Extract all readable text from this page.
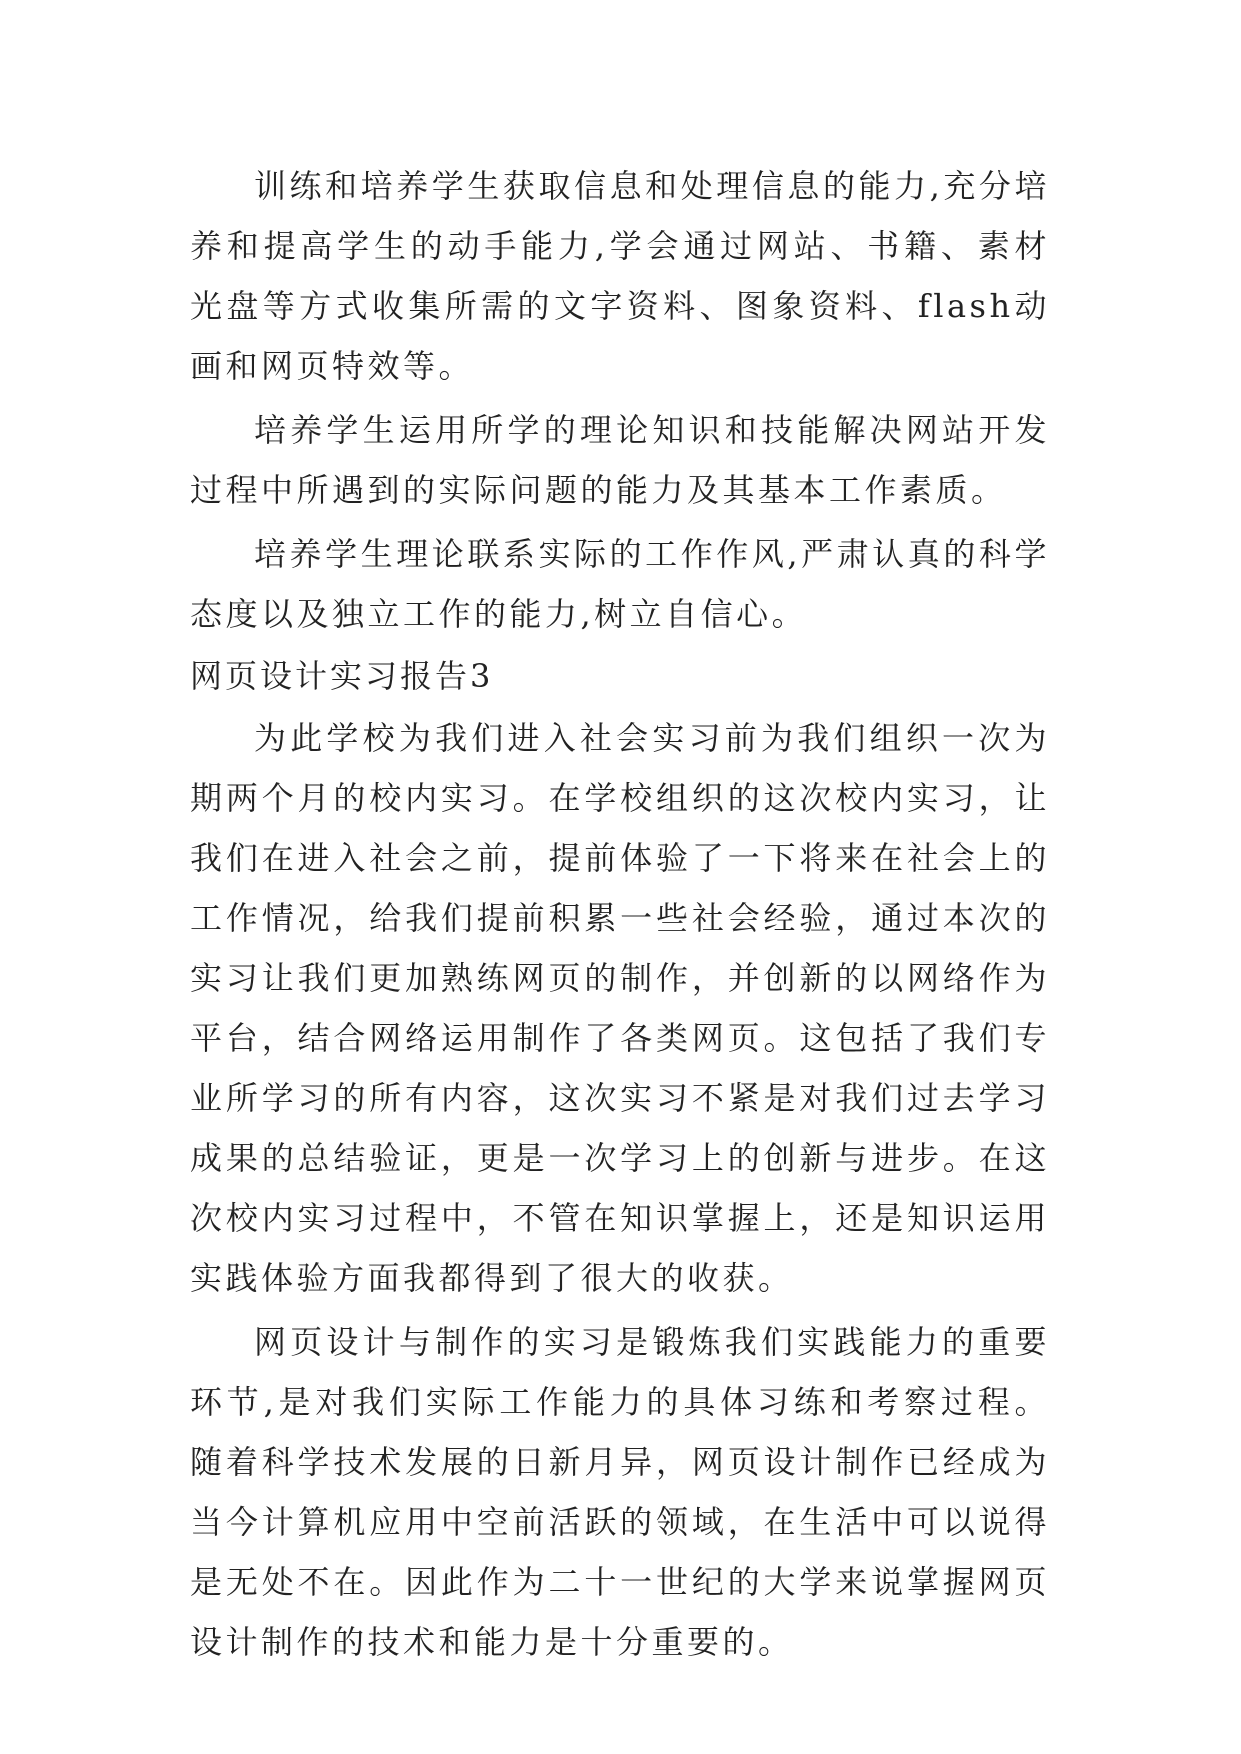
训练和培养学生获取信息和处理信息的能力,充分培养和提高学生的动手能力,学会通过网站、书籍、素材光盘等方式收集所需的文字资料、图象资料、flash动画和网页特效等。

培养学生运用所学的理论知识和技能解决网站开发过程中所遇到的实际问题的能力及其基本工作素质。

培养学生理论联系实际的工作作风,严肃认真的科学态度以及独立工作的能力,树立自信心。

网页设计实习报告3

为此学校为我们进入社会实习前为我们组织一次为期两个月的校内实习。在学校组织的这次校内实习，让我们在进入社会之前，提前体验了一下将来在社会上的工作情况，给我们提前积累一些社会经验，通过本次的实习让我们更加熟练网页的制作，并创新的以网络作为平台，结合网络运用制作了各类网页。这包括了我们专业所学习的所有内容，这次实习不紧是对我们过去学习成果的总结验证，更是一次学习上的创新与进步。在这次校内实习过程中，不管在知识掌握上，还是知识运用实践体验方面我都得到了很大的收获。

网页设计与制作的实习是锻炼我们实践能力的重要环节,是对我们实际工作能力的具体习练和考察过程。随着科学技术发展的日新月异，网页设计制作已经成为当今计算机应用中空前活跃的领域，在生活中可以说得是无处不在。因此作为二十一世纪的大学来说掌握网页设计制作的技术和能力是十分重要的。
